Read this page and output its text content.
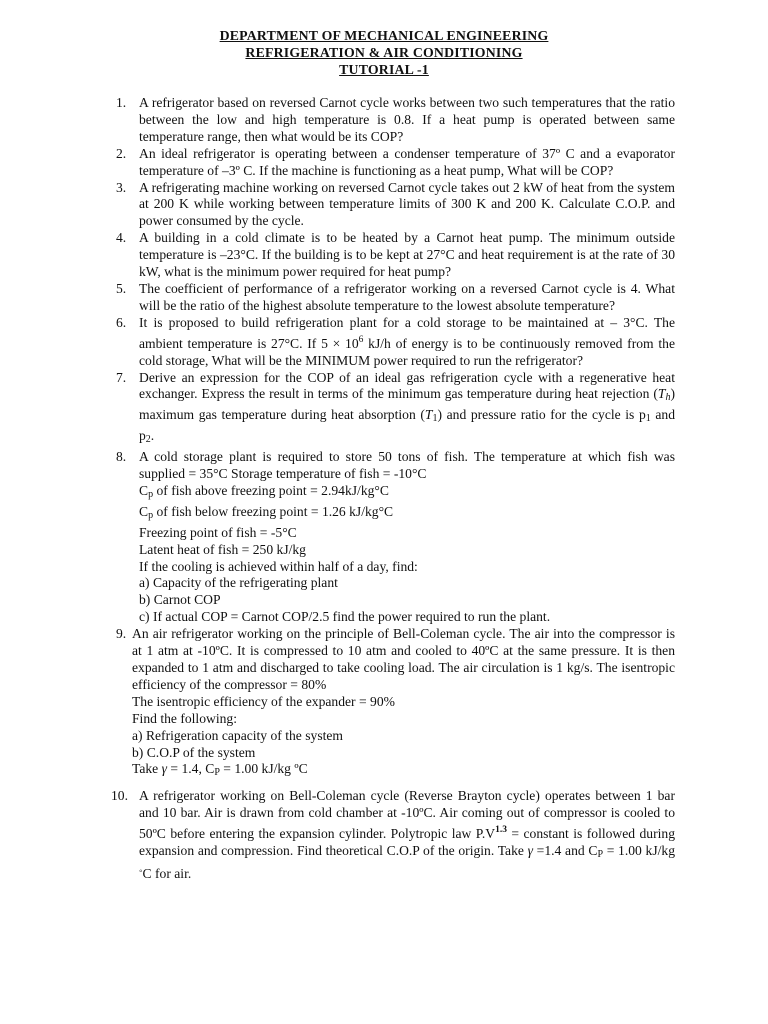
DEPARTMENT OF MECHANICAL ENGINEERING
REFRIGERATION & AIR CONDITIONING
TUTORIAL -1
1. A refrigerator based on reversed Carnot cycle works between two such temperatures that the ratio between the low and high temperature is 0.8. If a heat pump is operated between same temperature range, then what would be its COP?
2. An ideal refrigerator is operating between a condenser temperature of 37º C and a evaporator temperature of –3º C. If the machine is functioning as a heat pump, What will be COP?
3. A refrigerating machine working on reversed Carnot cycle takes out 2 kW of heat from the system at 200 K while working between temperature limits of 300 K and 200 K. Calculate C.O.P. and power consumed by the cycle.
4. A building in a cold climate is to be heated by a Carnot heat pump. The minimum outside temperature is –23°C. If the building is to be kept at 27°C and heat requirement is at the rate of 30 kW, what is the minimum power required for heat pump?
5. The coefficient of performance of a refrigerator working on a reversed Carnot cycle is 4. What will be the ratio of the highest absolute temperature to the lowest absolute temperature?
6. It is proposed to build refrigeration plant for a cold storage to be maintained at – 3°C. The ambient temperature is 27°C. If $5 \times 10^6$ kJ/h of energy is to be continuously removed from the cold storage, What will be the MINIMUM power required to run the refrigerator?
7. Derive an expression for the COP of an ideal gas refrigeration cycle with a regenerative heat exchanger. Express the result in terms of the minimum gas temperature during heat rejection $(T_h)$ maximum gas temperature during heat absorption $(T_1)$ and pressure ratio for the cycle is $p_1$ and $p_2$.
8. A cold storage plant is required to store 50 tons of fish. The temperature at which fish was supplied = 35°C Storage temperature of fish = -10°C
$C_p$ of fish above freezing point = 2.94kJ/kg°C
$C_p$ of fish below freezing point = 1.26 kJ/kg°C
Freezing point of fish = -5°C
Latent heat of fish = 250 kJ/kg
If the cooling is achieved within half of a day, find:
a) Capacity of the refrigerating plant
b) Carnot COP
c) If actual COP = Carnot COP/2.5 find the power required to run the plant.
9. An air refrigerator working on the principle of Bell-Coleman cycle. The air into the compressor is at 1 atm at -10ºC. It is compressed to 10 atm and cooled to 40ºC at the same pressure. It is then expanded to 1 atm and discharged to take cooling load. The air circulation is 1 kg/s. The isentropic efficiency of the compressor = 80%
The isentropic efficiency of the expander = 90%
Find the following:
a) Refrigeration capacity of the system
b) C.O.P of the system
Take γ = 1.4, $C_P = 1.00$ kJ/kg ºC
10. A refrigerator working on Bell-Coleman cycle (Reverse Brayton cycle) operates between 1 bar and 10 bar. Air is drawn from cold chamber at -10ºC. Air coming out of compressor is cooled to 50ºC before entering the expansion cylinder. Polytropic law $P.V^{1.3}$ = constant is followed during expansion and compression. Find theoretical C.O.P of the origin. Take γ =1.4 and $C_P = 1.00$ kJ/kg ◦C for air.
